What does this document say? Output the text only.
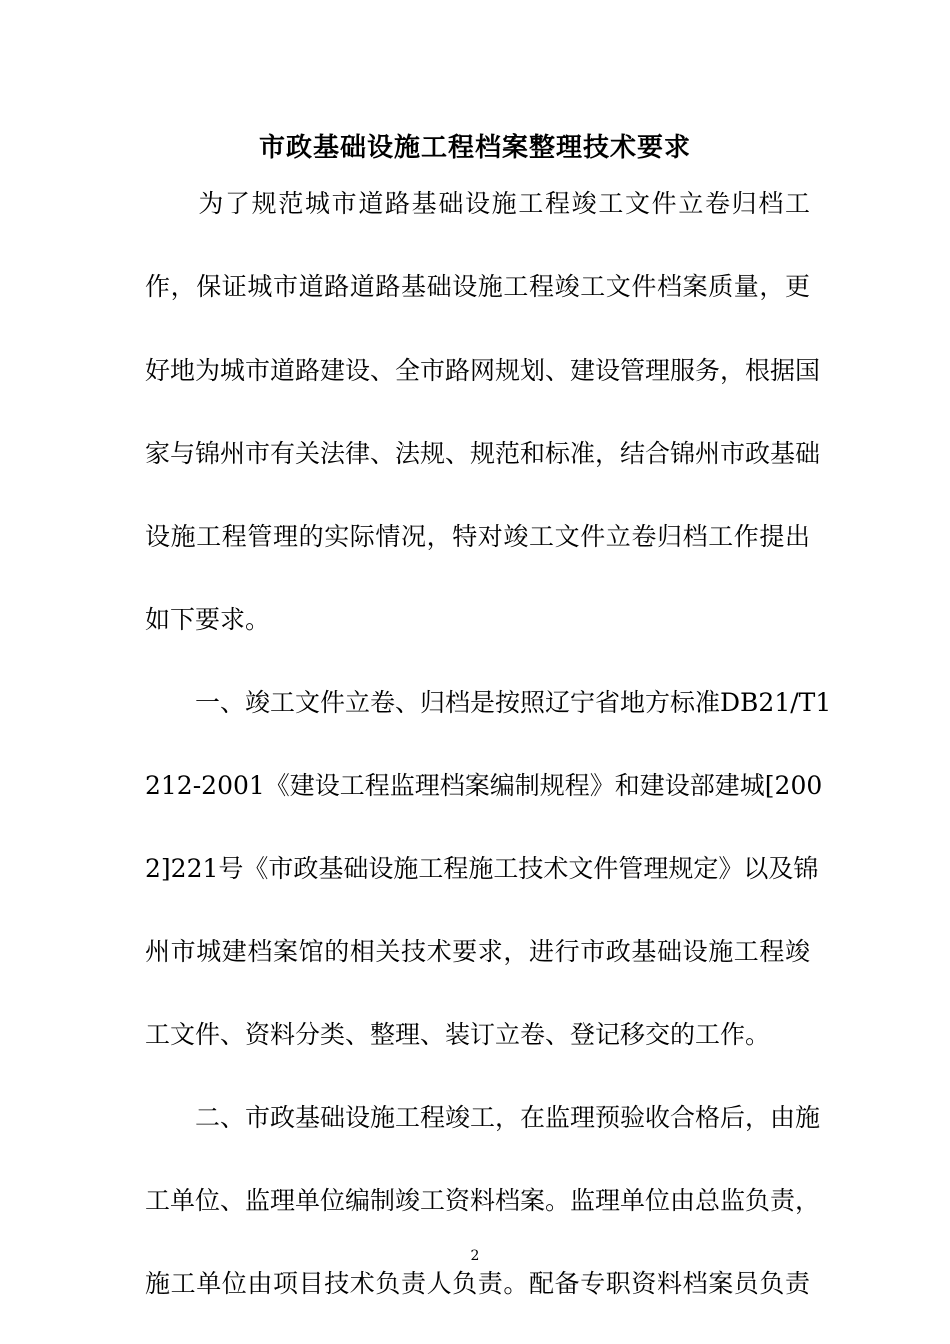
市政基础设施工程档案整理技术要求
　　为了规范城市道路基础设施工程竣工文件立卷归档工
作，保证城市道路道路基础设施工程竣工文件档案质量，更
好地为城市道路建设、全市路网规划、建设管理服务，根据国
家与锦州市有关法律、法规、规范和标准，结合锦州市政基础
设施工程管理的实际情况，特对竣工文件立卷归档工作提出
如下要求。
　　一、竣工文件立卷、归档是按照辽宁省地方标准DB21/T1
212-2001《建设工程监理档案编制规程》和建设部建城[200
2]221号《市政基础设施工程施工技术文件管理规定》以及锦
州市城建档案馆的相关技术要求，进行市政基础设施工程竣
工文件、资料分类、整理、装订立卷、登记移交的工作。
　　二、市政基础设施工程竣工，在监理预验收合格后，由施
工单位、监理单位编制竣工资料档案。监理单位由总监负责，
施工单位由项目技术负责人负责。配备专职资料档案员负责
2
